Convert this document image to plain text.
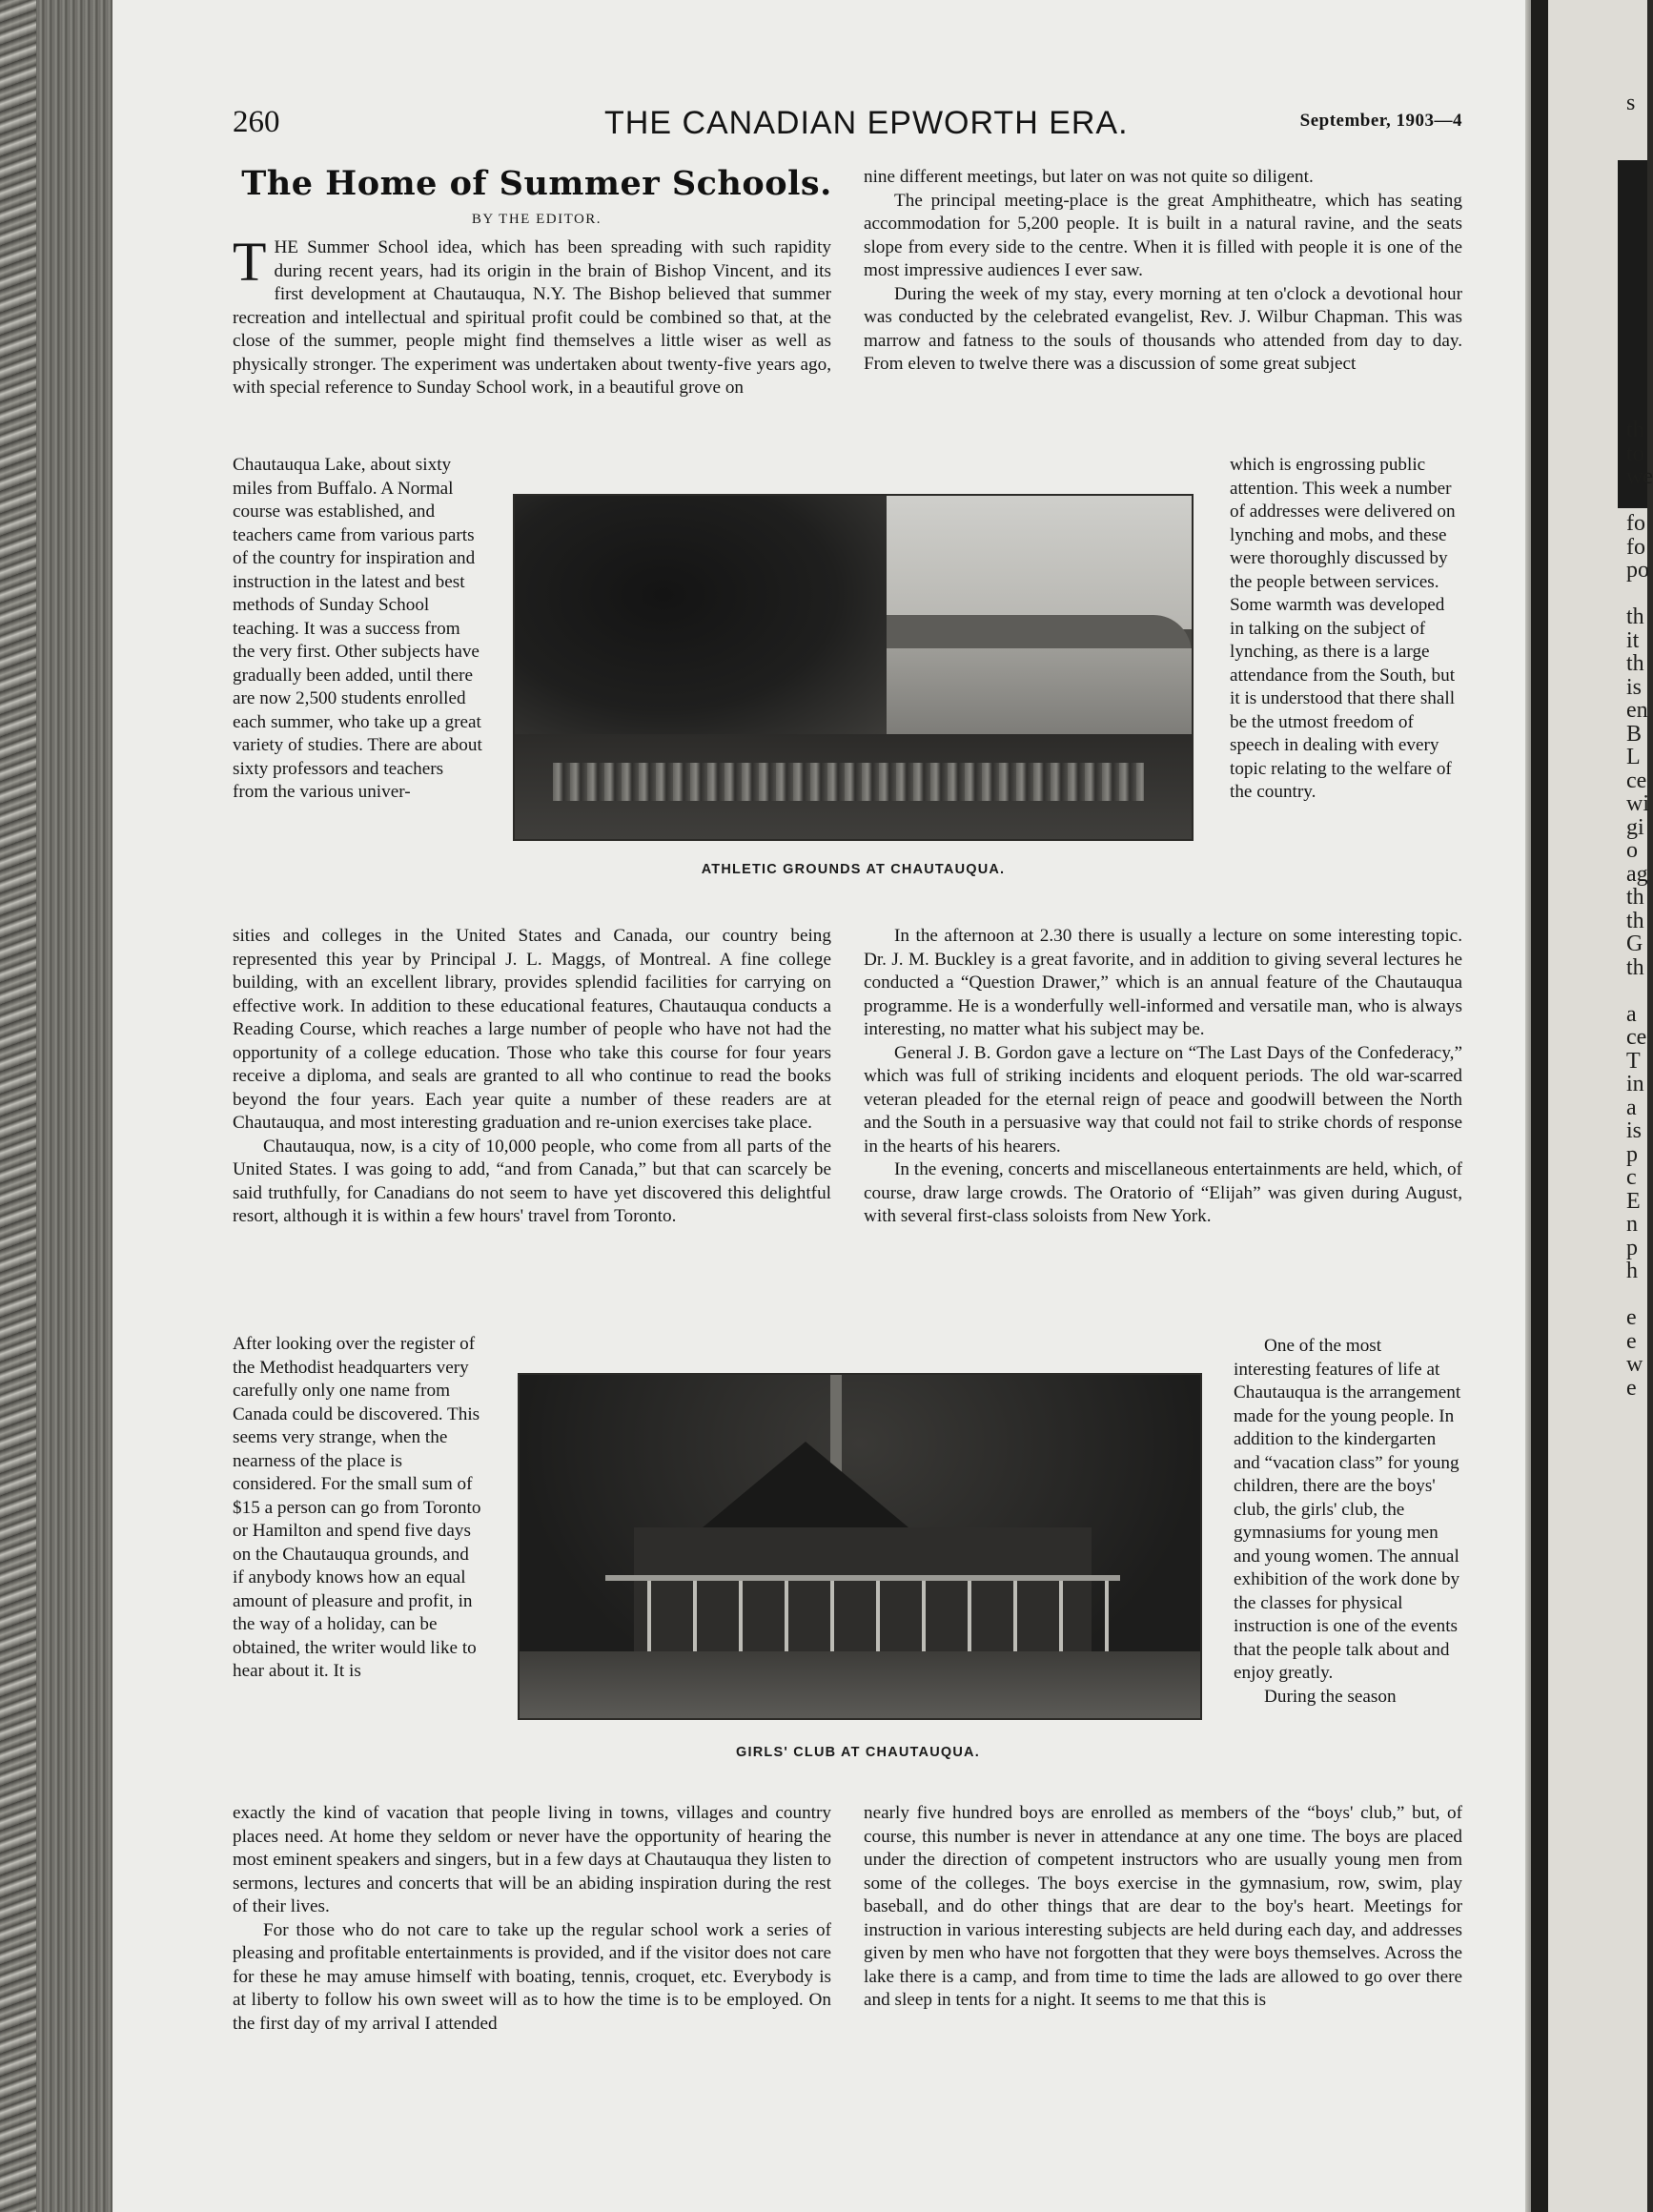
s

th
to
we

fo
fo
po

th
it
th
is
en
B
L
ce
wi
gi
o
ag
th
th
G
th

a
ce
T
in
a
is
p
c
E
n
p
h

e
e
w
e
260	THE CANADIAN EPWORTH ERA.	September, 1903—4
The Home of Summer Schools.
BY THE EDITOR.
T HE Summer School idea, which has been spreading with such rapidity during recent years, had its origin in the brain of Bishop Vincent, and its first development at Chautauqua, N.Y. The Bishop believed that summer recreation and intellectual and spiritual profit could be combined so that, at the close of the summer, people might find themselves a little wiser as well as physically stronger. The experiment was undertaken about twenty-five years ago, with special reference to Sunday School work, in a beautiful grove on

Chautauqua Lake, about sixty miles from Buffalo. A Normal course was established, and teachers came from various parts of the country for inspiration and instruction in the latest and best methods of Sunday School teaching. It was a success from the very first. Other subjects have gradually been added, until there are now 2,500 students enrolled each summer, who take up a great variety of studies. There are about sixty professors and teachers from the various univer-

sities and colleges in the United States and Canada, our country being represented this year by Principal J. L. Maggs, of Montreal. A fine college building, with an excellent library, provides splendid facilities for carrying on effective work. In addition to these educational features, Chautauqua conducts a Reading Course, which reaches a large number of people who have not had the opportunity of a college education. Those who take this course for four years receive a diploma, and seals are granted to all who continue to read the books beyond the four years. Each year quite a number of these readers are at Chautauqua, and most interesting graduation and re-union exercises take place.

Chautauqua, now, is a city of 10,000 people, who come from all parts of the United States. I was going to add, “and from Canada,” but that can scarcely be said truthfully, for Canadians do not seem to have yet discovered this delightful resort, although it is within a few hours' travel from Toronto.

After looking over the register of the Methodist headquarters very carefully only one name from Canada could be discovered. This seems very strange, when the nearness of the place is considered. For the small sum of $15 a person can go from Toronto or Hamilton and spend five days on the Chautauqua grounds, and if anybody knows how an equal amount of pleasure and profit, in the way of a holiday, can be obtained, the writer would like to hear about it. It is

exactly the kind of vacation that people living in towns, villages and country places need. At home they seldom or never have the opportunity of hearing the most eminent speakers and singers, but in a few days at Chautauqua they listen to sermons, lectures and concerts that will be an abiding inspiration during the rest of their lives.

For those who do not care to take up the regular school work a series of pleasing and profitable entertainments is provided, and if the visitor does not care for these he may amuse himself with boating, tennis, croquet, etc. Everybody is at liberty to follow his own sweet will as to how the time is to be employed. On the first day of my arrival I attended

nine different meetings, but later on was not quite so diligent.

The principal meeting-place is the great Amphitheatre, which has seating accommodation for 5,200 people. It is built in a natural ravine, and the seats slope from every side to the centre. When it is filled with people it is one of the most impressive audiences I ever saw.

During the week of my stay, every morning at ten o'clock a devotional hour was conducted by the celebrated evangelist, Rev. J. Wilbur Chapman. This was marrow and fatness to the souls of thousands who attended from day to day. From eleven to twelve there was a discussion of some great subject

which is engrossing public attention. This week a number of addresses were delivered on lynching and mobs, and these were thoroughly discussed by the people between services. Some warmth was developed in talking on the subject of lynching, as there is a large attendance from the South, but it is understood that there shall be the utmost freedom of speech in dealing with every topic relating to the welfare of the country.

In the afternoon at 2.30 there is usually a lecture on some interesting topic. Dr. J. M. Buckley is a great favorite, and in addition to giving several lectures he conducted a “Question Drawer,” which is an annual feature of the Chautauqua programme. He is a wonderfully well-informed and versatile man, who is always interesting, no matter what his subject may be.

General J. B. Gordon gave a lecture on “The Last Days of the Confederacy,” which was full of striking incidents and eloquent periods. The old war-scarred veteran pleaded for the eternal reign of peace and goodwill between the North and the South in a persuasive way that could not fail to strike chords of response in the hearts of his hearers.

In the evening, concerts and miscellaneous entertainments are held, which, of course, draw large crowds. The Oratorio of “Elijah” was given during August, with several first-class soloists from New York.

One of the most interesting features of life at Chautauqua is the arrangement made for the young people. In addition to the kindergarten and “vacation class” for young children, there are the boys' club, the girls' club, the gymnasiums for young men and young women. The annual exhibition of the work done by the classes for physical instruction is one of the events that the people talk about and enjoy greatly.

During the season

nearly five hundred boys are enrolled as members of the “boys' club,” but, of course, this number is never in attendance at any one time. The boys are placed under the direction of competent instructors who are usually young men from some of the colleges. The boys exercise in the gymnasium, row, swim, play baseball, and do other things that are dear to the boy's heart. Meetings for instruction in various interesting subjects are held during each day, and addresses given by men who have not forgotten that they were boys themselves. Across the lake there is a camp, and from time to time the lads are allowed to go over there and sleep in tents for a night. It seems to me that this is

ATHLETIC GROUNDS AT CHAUTAUQUA.
GIRLS' CLUB AT CHAUTAUQUA.
